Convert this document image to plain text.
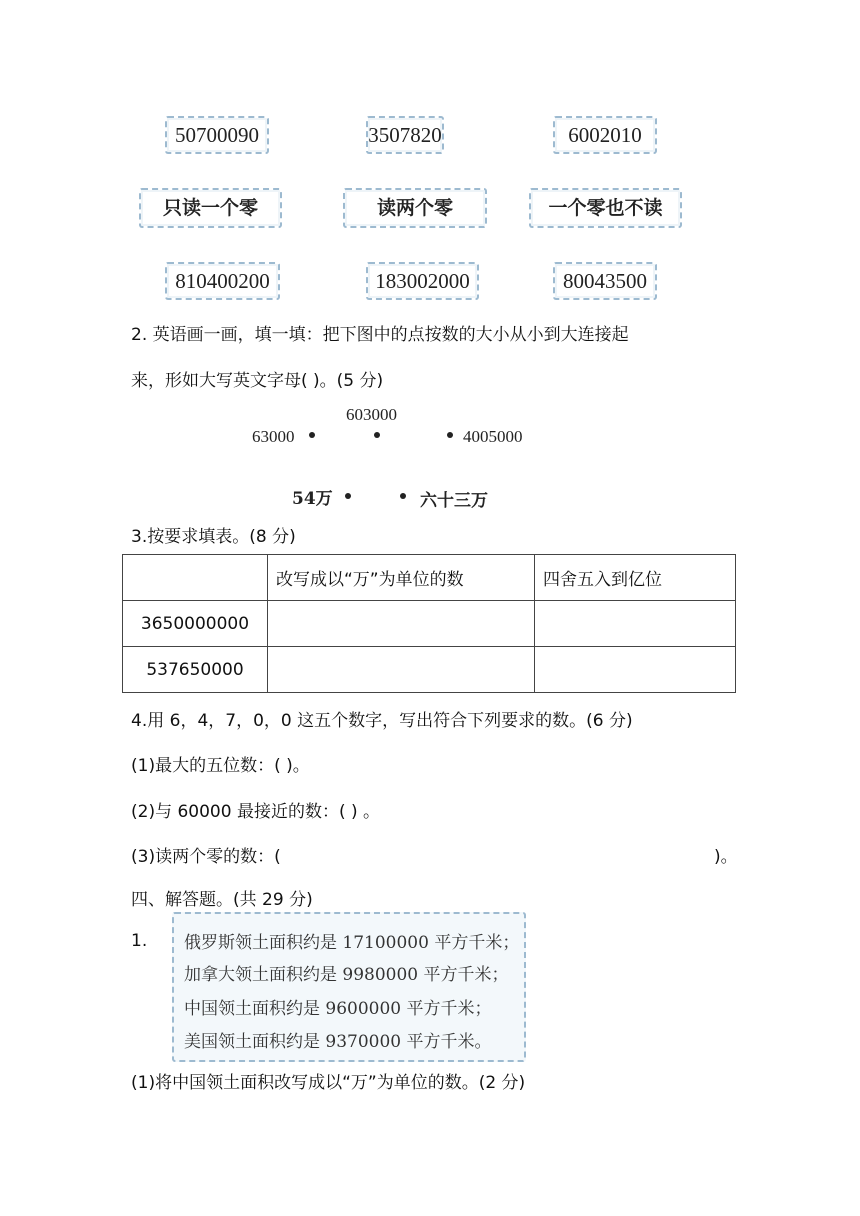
50700090	3507820	6002010
只读一个零	读两个零	一个零也不读
810400200	183002000	80043500
2. 英语画一画，填一填：把下图中的点按数的大小从小到大连接起
来，形如大写英文字母( )。(5 分)
63000
603000
4005000
54万	六十三万
3.按要求填表。(8 分)
	改写成以“万”为单位的数	四舍五入到亿位
3650000000		
537650000		
4.用 6，4，7，0，0 这五个数字，写出符合下列要求的数。(6 分)
(1)最大的五位数：( )。
(2)与 60000 最接近的数：( ) 。
(3)读两个零的数：(	)。
四、解答题。(共 29 分)
1. 俄罗斯领土面积约是 17100000 平方千米；
加拿大领土面积约是 9980000 平方千米；
中国领土面积约是 9600000 平方千米；
美国领土面积约是 9370000 平方千米。
(1)将中国领土面积改写成以“万”为单位的数。(2 分)
